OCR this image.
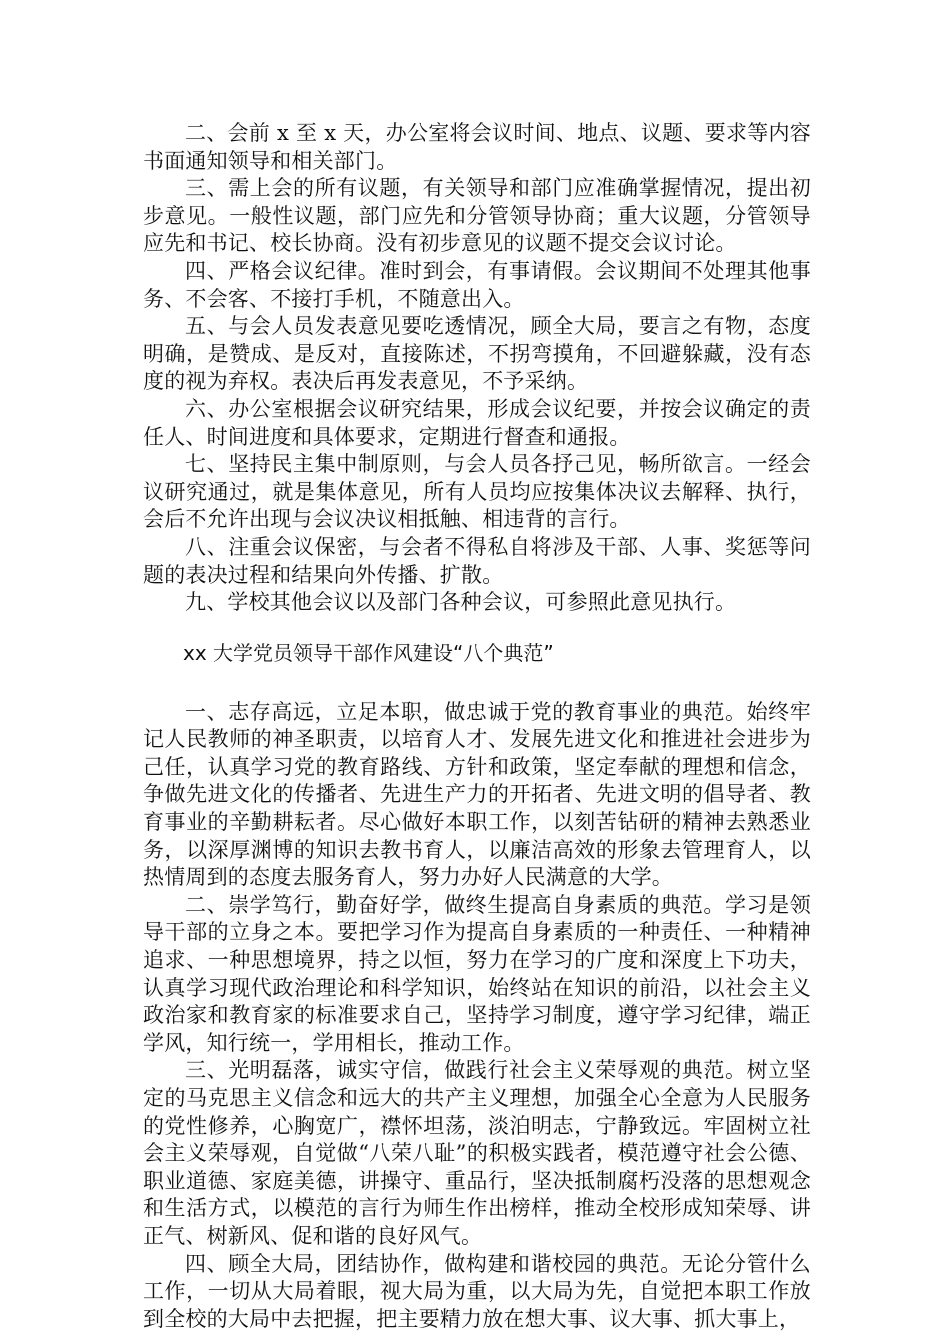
二、会前 x 至 x 天，办公室将会议时间、地点、议题、要求等内容书面通知领导和相关部门。

三、需上会的所有议题，有关领导和部门应准确掌握情况，提出初步意见。一般性议题，部门应先和分管领导协商；重大议题，分管领导应先和书记、校长协商。没有初步意见的议题不提交会议讨论。

四、严格会议纪律。准时到会，有事请假。会议期间不处理其他事务、不会客、不接打手机，不随意出入。

五、与会人员发表意见要吃透情况，顾全大局，要言之有物，态度明确，是赞成、是反对，直接陈述，不拐弯摸角，不回避躲藏，没有态度的视为弃权。表决后再发表意见，不予采纳。

六、办公室根据会议研究结果，形成会议纪要，并按会议确定的责任人、时间进度和具体要求，定期进行督查和通报。

七、坚持民主集中制原则，与会人员各抒己见，畅所欲言。一经会议研究通过，就是集体意见，所有人员均应按集体决议去解释、执行，会后不允许出现与会议决议相抵触、相违背的言行。

八、注重会议保密，与会者不得私自将涉及干部、人事、奖惩等问题的表决过程和结果向外传播、扩散。

九、学校其他会议以及部门各种会议，可参照此意见执行。

xx 大学党员领导干部作风建设“八个典范”

一、志存高远，立足本职，做忠诚于党的教育事业的典范。始终牢记人民教师的神圣职责，以培育人才、发展先进文化和推进社会进步为己任，认真学习党的教育路线、方针和政策，坚定奉献的理想和信念，争做先进文化的传播者、先进生产力的开拓者、先进文明的倡导者、教育事业的辛勤耕耘者。尽心做好本职工作，以刻苦钻研的精神去熟悉业务，以深厚渊博的知识去教书育人，以廉洁高效的形象去管理育人，以热情周到的态度去服务育人，努力办好人民满意的大学。

二、崇学笃行，勤奋好学，做终生提高自身素质的典范。学习是领导干部的立身之本。要把学习作为提高自身素质的一种责任、一种精神追求、一种思想境界，持之以恒，努力在学习的广度和深度上下功夫，认真学习现代政治理论和科学知识，始终站在知识的前沿，以社会主义政治家和教育家的标准要求自己，坚持学习制度，遵守学习纪律，端正学风，知行统一，学用相长，推动工作。

三、光明磊落，诚实守信，做践行社会主义荣辱观的典范。树立坚定的马克思主义信念和远大的共产主义理想，加强全心全意为人民服务的党性修养，心胸宽广，襟怀坦荡，淡泊明志，宁静致远。牢固树立社会主义荣辱观，自觉做“八荣八耻”的积极实践者，模范遵守社会公德、职业道德、家庭美德，讲操守、重品行，坚决抵制腐朽没落的思想观念和生活方式，以模范的言行为师生作出榜样，推动全校形成知荣辱、讲正气、树新风、促和谐的良好风气。

四、顾全大局，团结协作，做构建和谐校园的典范。无论分管什么工作，一切从大局着眼，视大局为重，以大局为先，自觉把本职工作放到全校的大局中去把握，把主要精力放在想大事、议大事、抓大事上，
